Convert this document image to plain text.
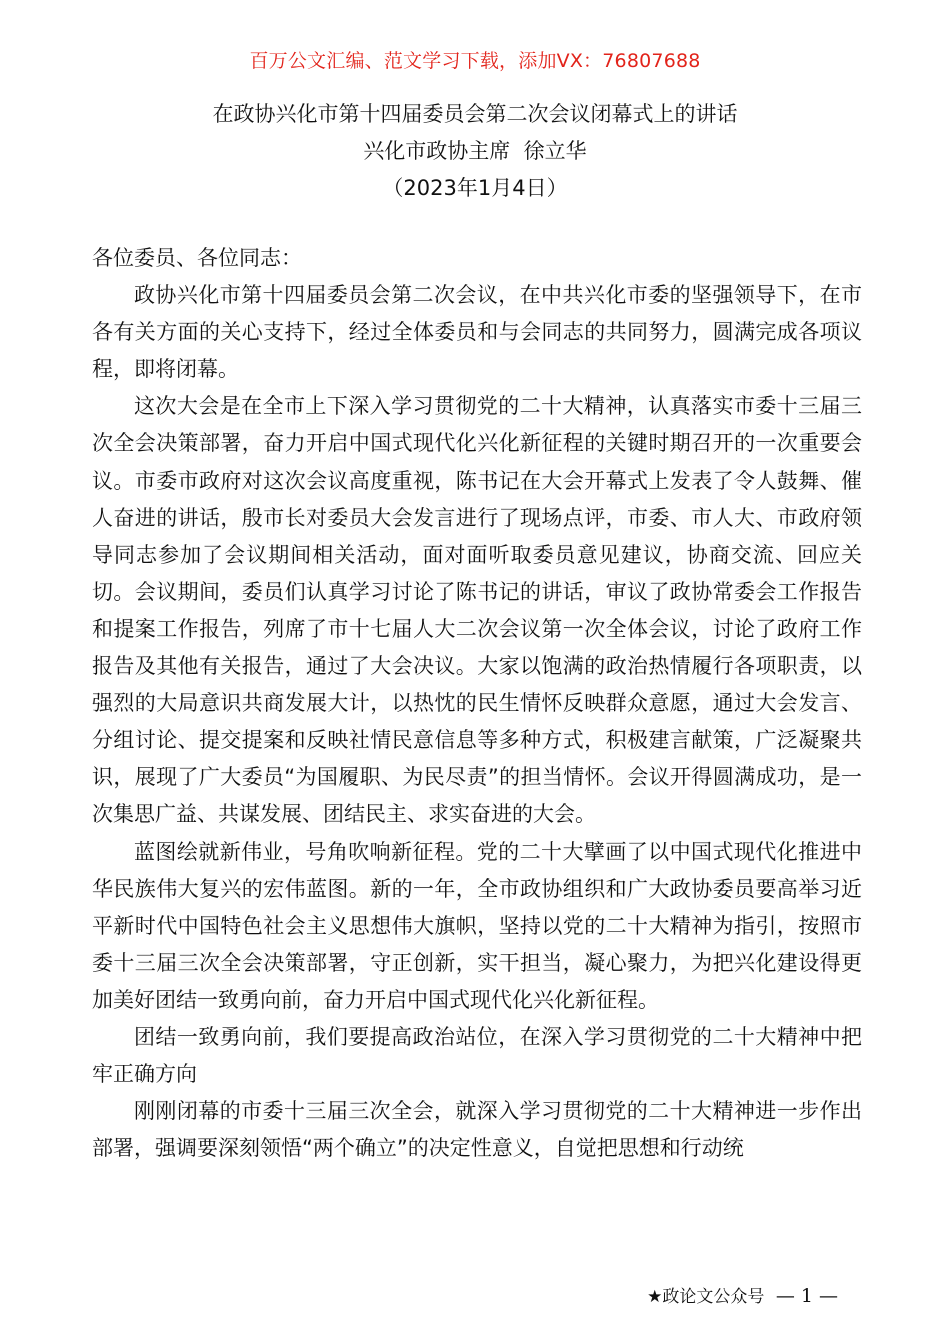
百万公文汇编、范文学习下载，添加VX：76807688
在政协兴化市第十四届委员会第二次会议闭幕式上的讲话
兴化市政协主席  徐立华
（2023年1月4日）

各位委员、各位同志：

政协兴化市第十四届委员会第二次会议，在中共兴化市委的坚强领导下，在市各有关方面的关心支持下，经过全体委员和与会同志的共同努力，圆满完成各项议程，即将闭幕。

这次大会是在全市上下深入学习贯彻党的二十大精神，认真落实市委十三届三次全会决策部署，奋力开启中国式现代化兴化新征程的关键时期召开的一次重要会议。市委市政府对这次会议高度重视，陈书记在大会开幕式上发表了令人鼓舞、催人奋进的讲话，殷市长对委员大会发言进行了现场点评，市委、市人大、市政府领导同志参加了会议期间相关活动，面对面听取委员意见建议，协商交流、回应关切。会议期间，委员们认真学习讨论了陈书记的讲话，审议了政协常委会工作报告和提案工作报告，列席了市十七届人大二次会议第一次全体会议，讨论了政府工作报告及其他有关报告，通过了大会决议。大家以饱满的政治热情履行各项职责，以强烈的大局意识共商发展大计，以热忱的民生情怀反映群众意愿，通过大会发言、分组讨论、提交提案和反映社情民意信息等多种方式，积极建言献策，广泛凝聚共识，展现了广大委员“为国履职、为民尽责”的担当情怀。会议开得圆满成功，是一次集思广益、共谋发展、团结民主、求实奋进的大会。

蓝图绘就新伟业，号角吹响新征程。党的二十大擘画了以中国式现代化推进中华民族伟大复兴的宏伟蓝图。新的一年，全市政协组织和广大政协委员要高举习近平新时代中国特色社会主义思想伟大旗帜，坚持以党的二十大精神为指引，按照市委十三届三次全会决策部署，守正创新，实干担当，凝心聚力，为把兴化建设得更加美好团结一致勇向前，奋力开启中国式现代化兴化新征程。

团结一致勇向前，我们要提高政治站位，在深入学习贯彻党的二十大精神中把牢正确方向

刚刚闭幕的市委十三届三次全会，就深入学习贯彻党的二十大精神进一步作出部署，强调要深刻领悟“两个确立”的决定性意义，自觉把思想和行动统

★政论文公众号 — 1 —
